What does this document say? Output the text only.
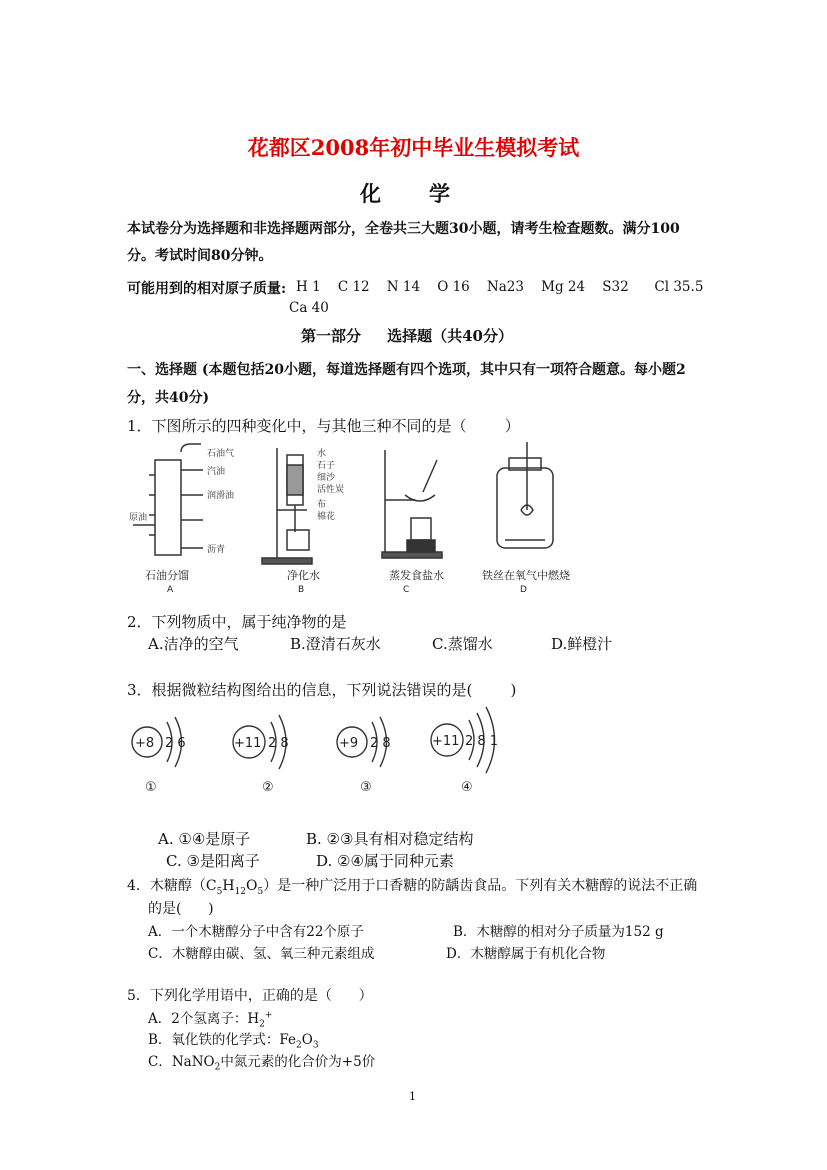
花都区2008年初中毕业生模拟考试
化学
本试卷分为选择题和非选择题两部分，全卷共三大题30小题，请考生检查题数。满分100
分。考试时间80分钟。
可能用到的相对原子质量: H 1    C 12    N 14    O 16    Na23    Mg 24    S32      Cl 35.5
Ca 40
第一部分     选择题（共40分）
一、选择题 (本题包括20小题，每道选择题有四个选项，其中只有一项符合题意。每小题2
分，共40分)
1．下图所示的四种变化中，与其他三种不同的是（        ）
石油气
汽油
润滑油
原油
沥青
石油分馏
A
水
石子
细沙
活性炭
布
棉花
净化水
B
蒸发食盐水
C
铁丝在氧气中燃烧
D
2．下列物质中，属于纯净物的是
A.洁净的空气	B.澄清石灰水	C.蒸馏水	D.鲜橙汁
3．根据微粒结构图给出的信息，下列说法错误的是(        )
+8 2 6
①
+11 2 8
②
+9 2 8
③
+11 2 8 1
④
A. ①④是原子	B. ②③具有相对稳定结构
C. ③是阳离子	D. ②④属于同种元素
4．木糖醇$(C_5H_{12}O_5)$是一种广泛用于口香糖的防龋齿食品。下列有关木糖醇的说法不正确
的是(      )
A．一个木糖醇分子中含有22个原子	B．木糖醇的相对分子质量为152 g
C．木糖醇由碳、氢、氧三种元素组成	D．木糖醇属于有机化合物
5．下列化学用语中，正确的是（      ）
A．2个氢离子：$H_2^+$
B．氧化铁的化学式：$Fe_2O_3$
C．NaNO$_2$中氮元素的化合价为+5价
1
